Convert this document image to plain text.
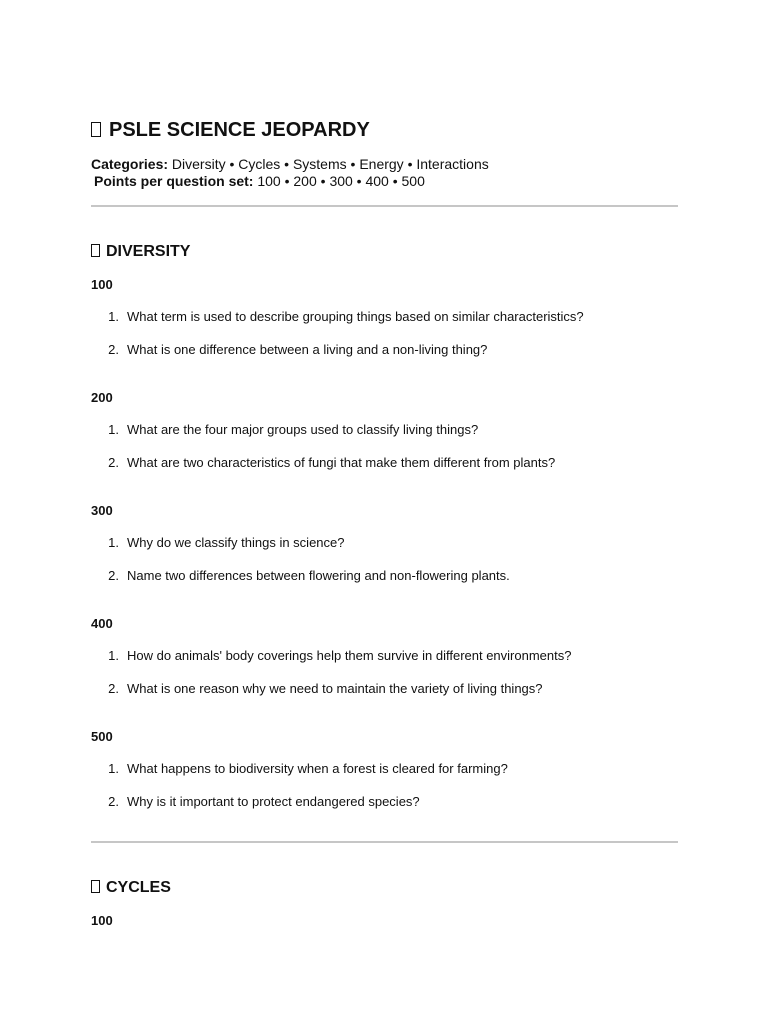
PSLE SCIENCE JEOPARDY
Categories: Diversity • Cycles • Systems • Energy • Interactions
Points per question set: 100 • 200 • 300 • 400 • 500
DIVERSITY
100
1. What term is used to describe grouping things based on similar characteristics?
2. What is one difference between a living and a non-living thing?
200
1. What are the four major groups used to classify living things?
2. What are two characteristics of fungi that make them different from plants?
300
1. Why do we classify things in science?
2. Name two differences between flowering and non-flowering plants.
400
1. How do animals' body coverings help them survive in different environments?
2. What is one reason why we need to maintain the variety of living things?
500
1. What happens to biodiversity when a forest is cleared for farming?
2. Why is it important to protect endangered species?
CYCLES
100
